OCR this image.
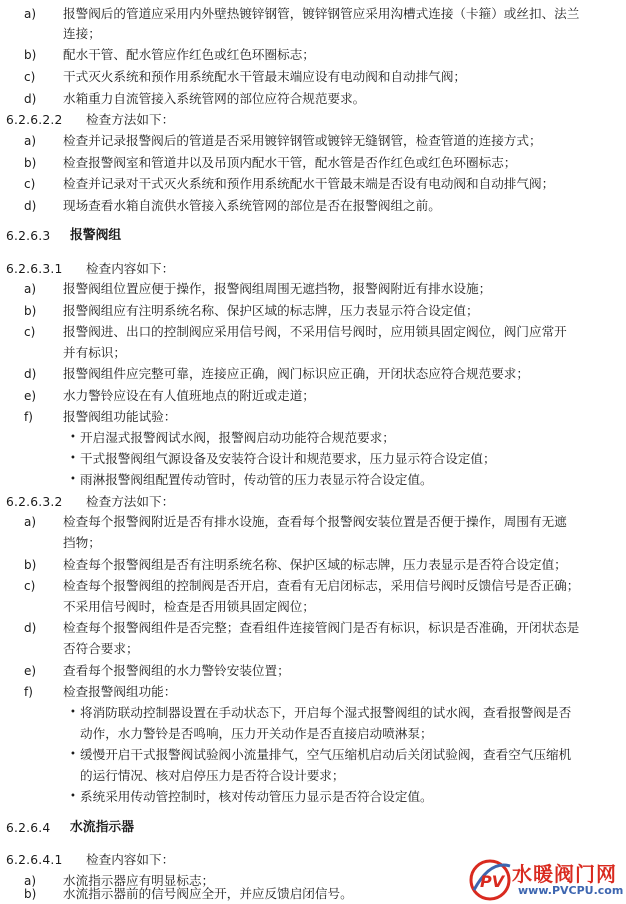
a) 报警阀后的管道应采用内外壁热镀锌钢管，镀锌钢管应采用沟槽式连接（卡箍）或丝扣、法兰
连接；
b) 配水干管、配水管应作红色或红色环圈标志；
c) 干式灭火系统和预作用系统配水干管最末端应设有电动阀和自动排气阀；
d) 水箱重力自流管接入系统管网的部位应符合规范要求。
6.2.6.2.2 检查方法如下：
a) 检查并记录报警阀后的管道是否采用镀锌钢管或镀锌无缝钢管，检查管道的连接方式；
b) 检查报警阀室和管道井以及吊顶内配水干管，配水管是否作红色或红色环圈标志；
c) 检查并记录对干式灭火系统和预作用系统配水干管最末端是否设有电动阀和自动排气阀；
d) 现场查看水箱自流供水管接入系统管网的部位是否在报警阀组之前。
6.2.6.3 报警阀组
6.2.6.3.1 检查内容如下：
a) 报警阀组位置应便于操作，报警阀组周围无遮挡物，报警阀附近有排水设施；
b) 报警阀组应有注明系统名称、保护区域的标志牌，压力表显示符合设定值；
c) 报警阀进、出口的控制阀应采用信号阀，不采用信号阀时，应用锁具固定阀位，阀门应常开
并有标识；
d) 报警阀组件应完整可靠，连接应正确，阀门标识应正确，开闭状态应符合规范要求；
e) 水力警铃应设在有人值班地点的附近或走道；
f) 报警阀组功能试验：
• 开启湿式报警阀试水阀，报警阀启动功能符合规范要求；
• 干式报警阀组气源设备及安装符合设计和规范要求，压力显示符合设定值；
• 雨淋报警阀组配置传动管时，传动管的压力表显示符合设定值。
6.2.6.3.2 检查方法如下：
a) 检查每个报警阀附近是否有排水设施，查看每个报警阀安装位置是否便于操作，周围有无遮
挡物；
b) 检查每个报警阀组是否有注明系统名称、保护区域的标志牌，压力表显示是否符合设定值；
c) 检查每个报警阀组的控制阀是否开启，查看有无启闭标志，采用信号阀时反馈信号是否正确；
不采用信号阀时，检查是否用锁具固定阀位；
d) 检查每个报警阀组件是否完整；查看组件连接管阀门是否有标识，标识是否准确，开闭状态是
否符合要求；
e) 查看每个报警阀组的水力警铃安装位置；
f) 检查报警阀组功能：
• 将消防联动控制器设置在手动状态下，开启每个湿式报警阀组的试水阀，查看报警阀是否
动作，水力警铃是否鸣响，压力开关动作是否直接启动喷淋泵；
• 缓慢开启干式报警阀试验阀小流量排气，空气压缩机启动后关闭试验阀，查看空气压缩机
的运行情况、核对启停压力是否符合设计要求；
• 系统采用传动管控制时，核对传动管压力显示是否符合设定值。
6.2.6.4 水流指示器
6.2.6.4.1 检查内容如下：
a) 水流指示器应有明显标志；
b) 水流指示器前的信号阀应全开，并应反馈启闭信号。
PV 水暖阀门网
www.PVCPU.com
